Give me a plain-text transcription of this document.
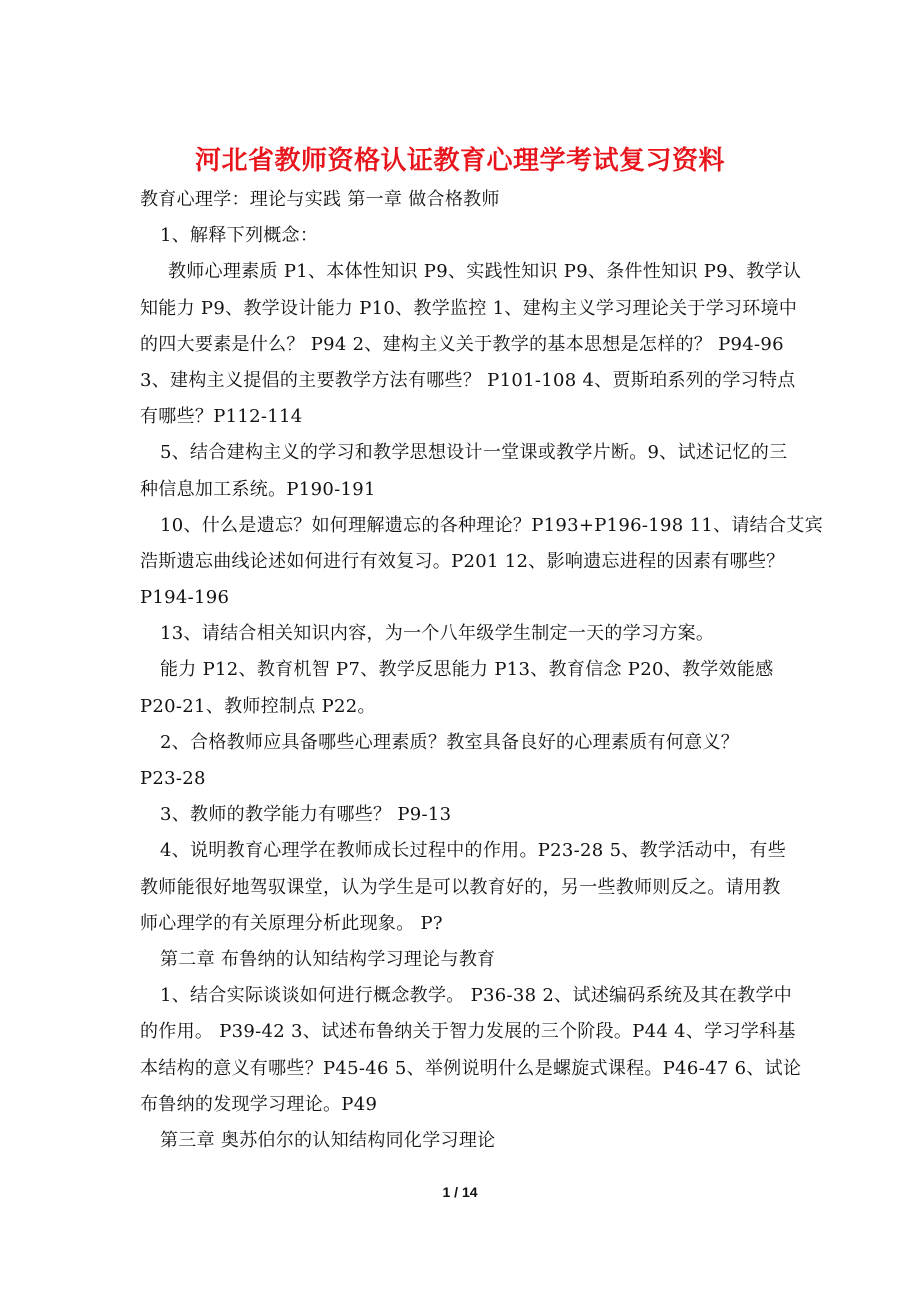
河北省教师资格认证教育心理学考试复习资料
教育心理学：理论与实践 第一章 做合格教师
1、解释下列概念：
教师心理素质 P1、本体性知识 P9、实践性知识 P9、条件性知识 P9、教学认
知能力 P9、教学设计能力 P10、教学监控 1、建构主义学习理论关于学习环境中
的四大要素是什么？ P94 2、建构主义关于教学的基本思想是怎样的？ P94-96
3、建构主义提倡的主要教学方法有哪些？ P101-108 4、贾斯珀系列的学习特点
有哪些？P112-114
5、结合建构主义的学习和教学思想设计一堂课或教学片断。9、试述记忆的三
种信息加工系统。P190-191
10、什么是遗忘？如何理解遗忘的各种理论？P193+P196-198 11、请结合艾宾
浩斯遗忘曲线论述如何进行有效复习。P201 12、影响遗忘进程的因素有哪些？
P194-196
13、请结合相关知识内容，为一个八年级学生制定一天的学习方案。
能力 P12、教育机智 P7、教学反思能力 P13、教育信念 P20、教学效能感
P20-21、教师控制点 P22。
2、合格教师应具备哪些心理素质？教室具备良好的心理素质有何意义？
P23-28
3、教师的教学能力有哪些？ P9-13
4、说明教育心理学在教师成长过程中的作用。P23-28 5、教学活动中，有些
教师能很好地驾驭课堂，认为学生是可以教育好的，另一些教师则反之。请用教
师心理学的有关原理分析此现象。 P?
第二章 布鲁纳的认知结构学习理论与教育
1、结合实际谈谈如何进行概念教学。 P36-38 2、试述编码系统及其在教学中
的作用。 P39-42 3、试述布鲁纳关于智力发展的三个阶段。P44 4、学习学科基
本结构的意义有哪些？P45-46 5、举例说明什么是螺旋式课程。P46-47 6、试论
布鲁纳的发现学习理论。P49
第三章 奥苏伯尔的认知结构同化学习理论
1 / 14
